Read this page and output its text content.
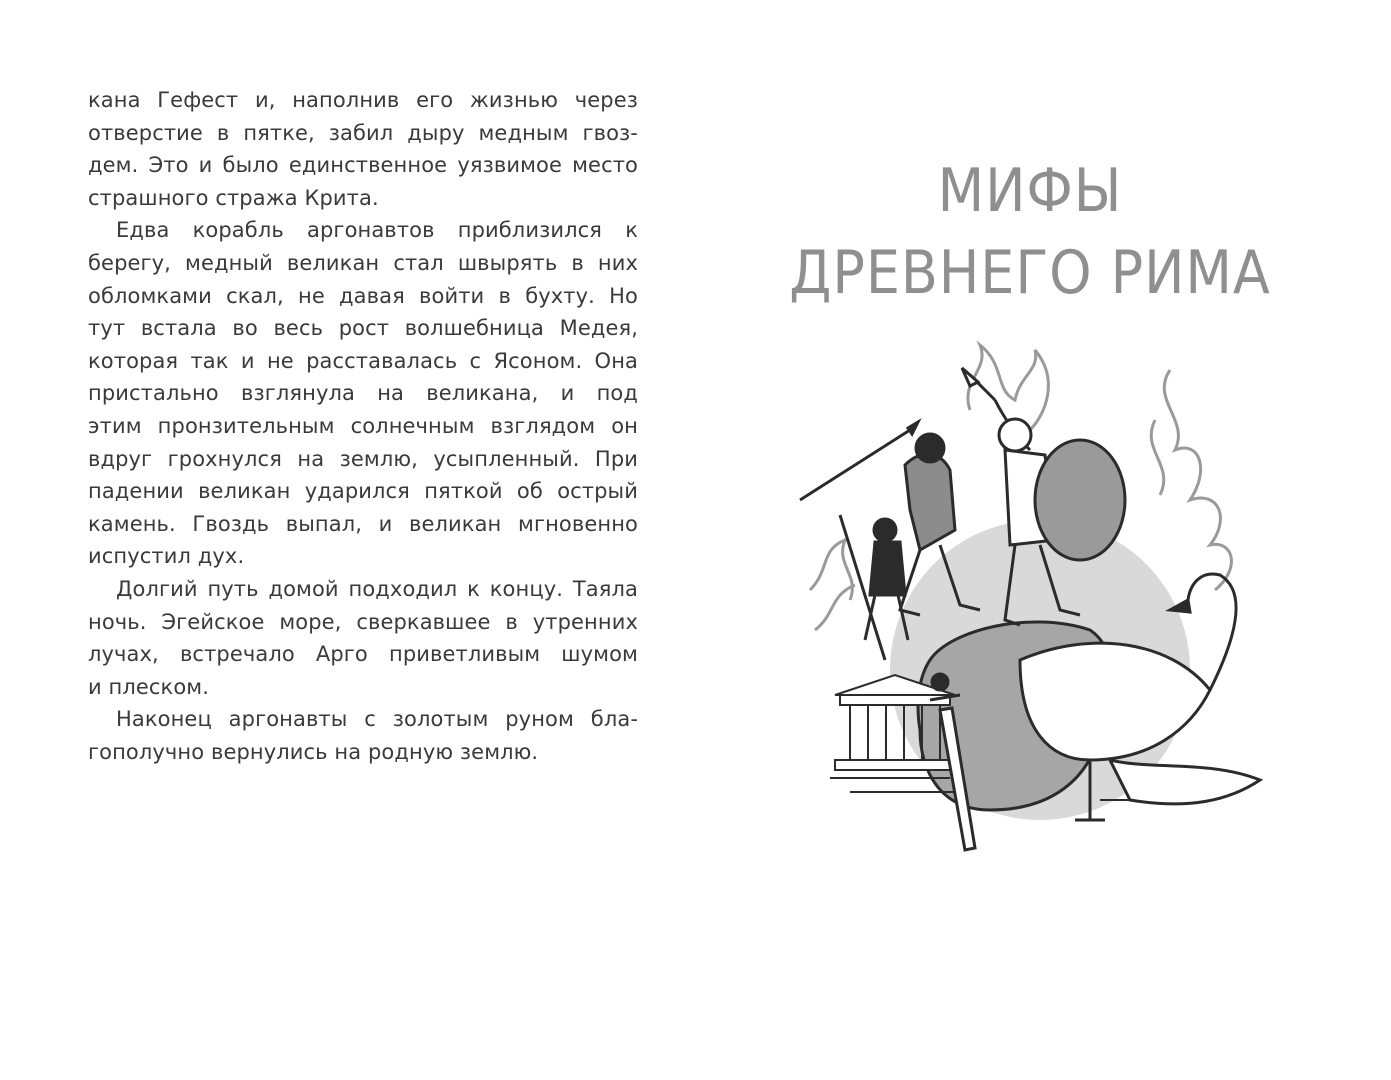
кана Гефест и, наполнив его жизнью через
отверстие в пятке, забил дыру медным гвоз-
дем. Это и было единственное уязвимое место
страшного стража Крита.
Едва корабль аргонавтов приблизился к
берегу, медный великан стал швырять в них
обломками скал, не давая войти в бухту. Но
тут встала во весь рост волшебница Медея,
которая так и не расставалась с Ясоном. Она
пристально взглянула на великана, и под
этим пронзительным солнечным взглядом он
вдруг грохнулся на землю, усыпленный. При
падении великан ударился пяткой об острый
камень. Гвоздь выпал, и великан мгновенно
испустил дух.
Долгий путь домой подходил к концу. Таяла
ночь. Эгейское море, сверкавшее в утренних
лучах, встречало Арго приветливым шумом
и плеском.
Наконец аргонавты с золотым руном бла-
гополучно вернулись на родную землю.
МИФЫ
ДРЕВНЕГО РИМА
